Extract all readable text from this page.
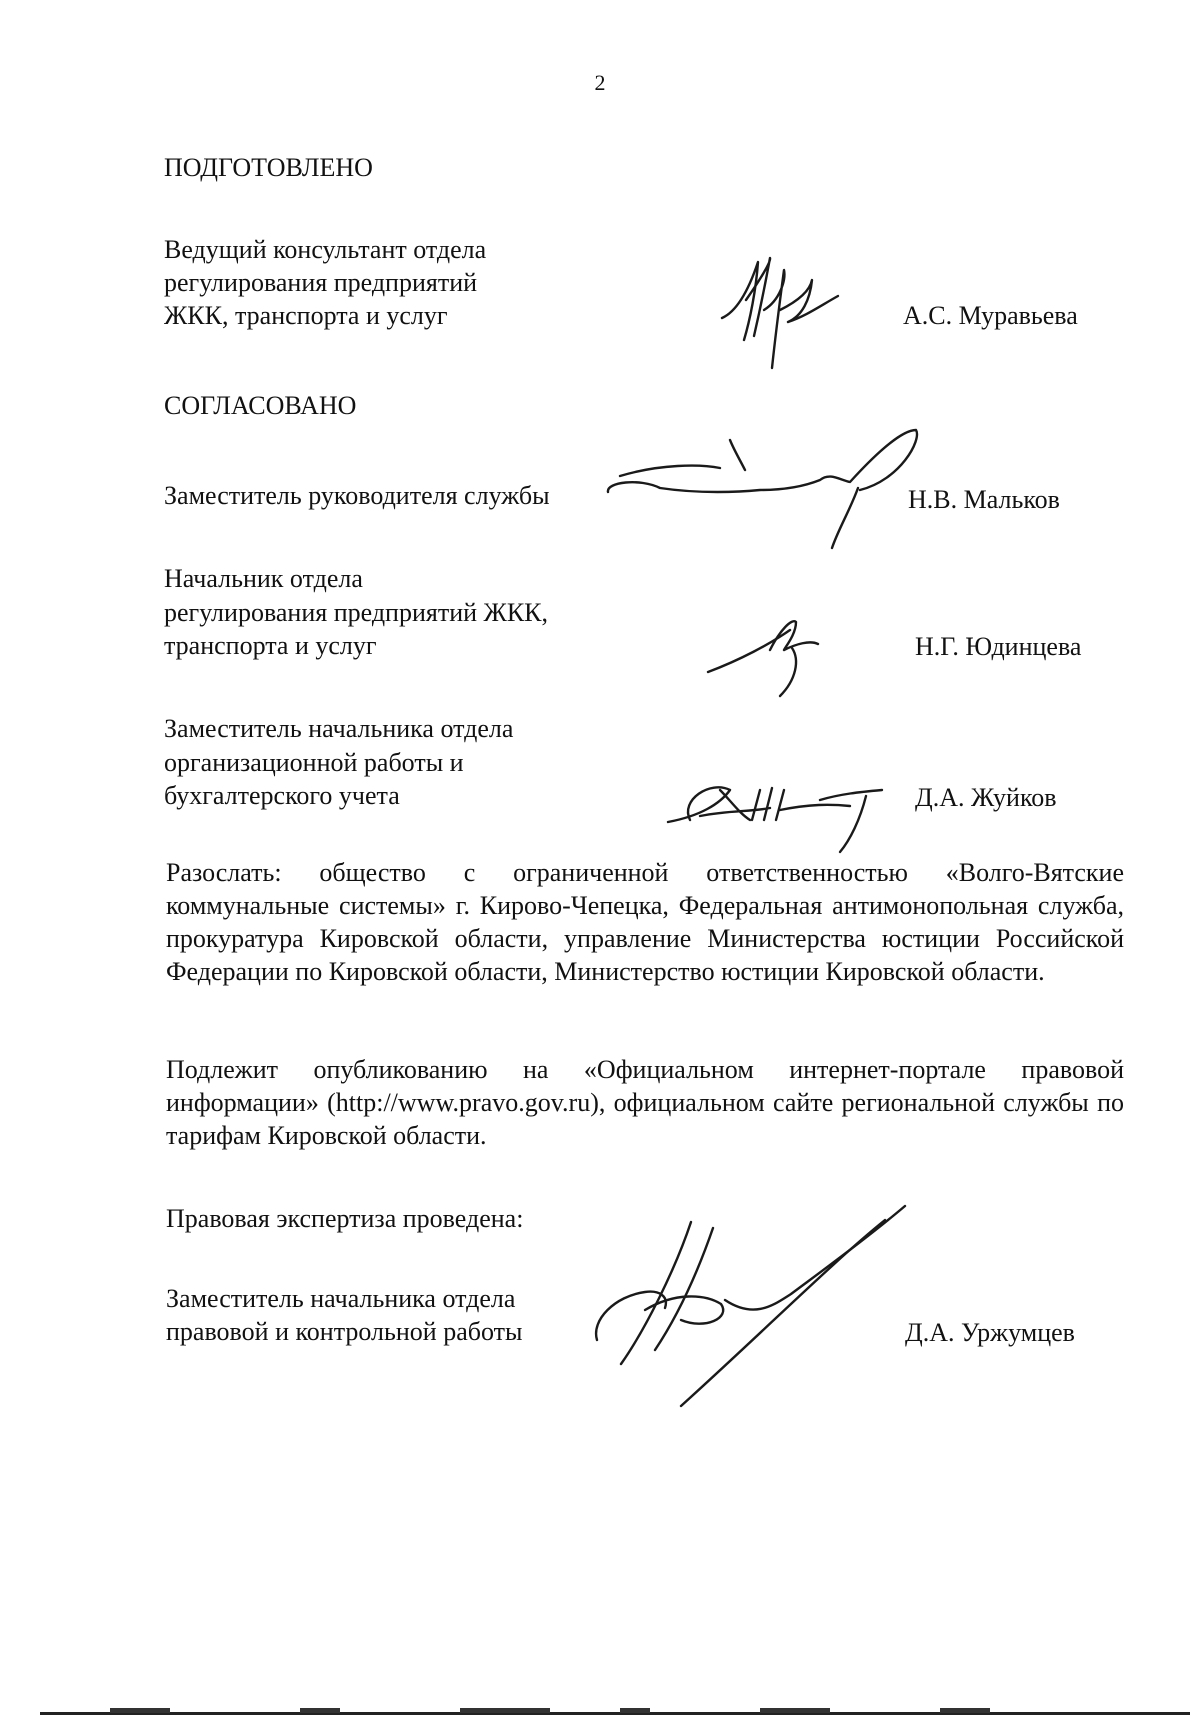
2
ПОДГОТОВЛЕНО
Ведущий консультант отдела
регулирования предприятий
ЖКК, транспорта и услуг	А.С. Муравьева
СОГЛАСОВАНО
Заместитель руководителя службы	Н.В. Мальков
Начальник отдела
регулирования предприятий ЖКК,
транспорта и услуг	Н.Г. Юдинцева
Заместитель начальника отдела
организационной работы и
бухгалтерского учета	Д.А. Жуйков

Разослать: общество с ограниченной ответственностью «Волго-Вятские коммунальные системы» г. Кирово-Чепецка, Федеральная антимонопольная служба, прокуратура Кировской области, управление Министерства юстиции Российской Федерации по Кировской области, Министерство юстиции Кировской области.

Подлежит опубликованию на «Официальном интернет-портале правовой информации» (http://www.pravo.gov.ru), официальном сайте региональной службы по тарифам Кировской области.

Правовая экспертиза проведена:
Заместитель начальника отдела
правовой и контрольной работы	Д.А. Уржумцев
